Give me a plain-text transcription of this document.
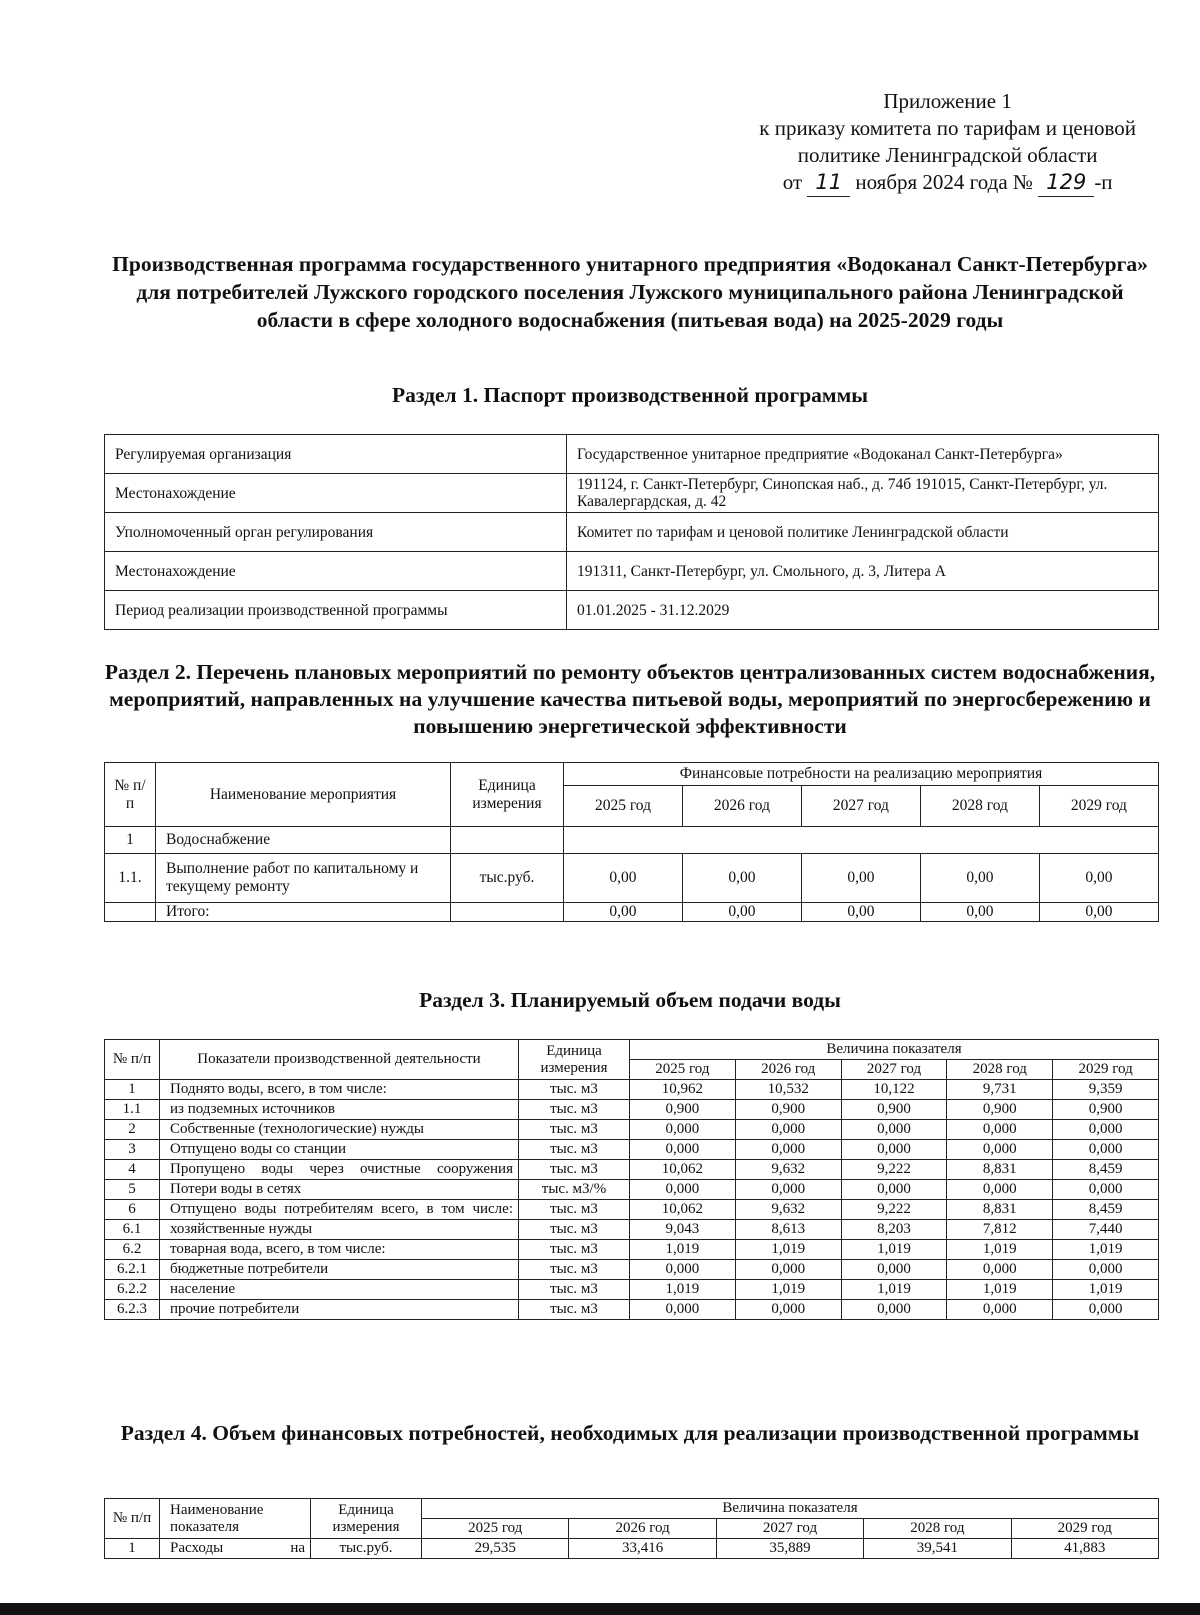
Приложение 1
к приказу комитета по тарифам и ценовой
политике Ленинградской области
от 11 ноября 2024 года № 129 -п
Производственная программа государственного унитарного предприятия «Водоканал Санкт-Петербурга» для потребителей Лужского городского поселения Лужского муниципального района Ленинградской области в сфере холодного водоснабжения (питьевая вода) на 2025-2029 годы
Раздел 1. Паспорт производственной программы
Регулируемая организация	Государственное унитарное предприятие «Водоканал Санкт-Петербурга»
Местонахождение	191124, г. Санкт-Петербург, Синопская наб., д. 74б 191015, Санкт-Петербург, ул. Кавалергардская, д. 42
Уполномоченный орган регулирования	Комитет по тарифам и ценовой политике Ленинградской области
Местонахождение	191311, Санкт-Петербург, ул. Смольного, д. 3, Литера А
Период реализации производственной программы	01.01.2025 - 31.12.2029
Раздел 2. Перечень плановых мероприятий по ремонту объектов централизованных систем водоснабжения, мероприятий, направленных на улучшение качества питьевой воды, мероприятий по энергосбережению и повышению энергетической эффективности
№ п/п	Наименование мероприятия	Единица измерения	Финансовые потребности на реализацию мероприятия				
			2025 год	2026 год	2027 год	2028 год	2029 год
1	Водоснабжение						
1.1.	Выполнение работ по капитальному и текущему ремонту	тыс.руб.	0,00	0,00	0,00	0,00	0,00
	Итого:		0,00	0,00	0,00	0,00	0,00
Раздел 3. Планируемый объем подачи воды
№ п/п	Показатели производственной деятельности	Единица измерения	Величина показателя				
			2025 год	2026 год	2027 год	2028 год	2029 год
1	Поднято воды, всего, в том числе:	тыс. м3	10,962	10,532	10,122	9,731	9,359
1.1	из подземных источников	тыс. м3	0,900	0,900	0,900	0,900	0,900
2	Собственные (технологические) нужды	тыс. м3	0,000	0,000	0,000	0,000	0,000
3	Отпущено воды со станции	тыс. м3	0,000	0,000	0,000	0,000	0,000
4	Пропущено воды через очистные сооружения	тыс. м3	10,062	9,632	9,222	8,831	8,459
5	Потери воды в сетях	тыс. м3/%	0,000	0,000	0,000	0,000	0,000
6	Отпущено воды потребителям всего, в том числе:	тыс. м3	10,062	9,632	9,222	8,831	8,459
6.1	хозяйственные нужды	тыс. м3	9,043	8,613	8,203	7,812	7,440
6.2	товарная вода, всего, в том числе:	тыс. м3	1,019	1,019	1,019	1,019	1,019
6.2.1	бюджетные потребители	тыс. м3	0,000	0,000	0,000	0,000	0,000
6.2.2	население	тыс. м3	1,019	1,019	1,019	1,019	1,019
6.2.3	прочие потребители	тыс. м3	0,000	0,000	0,000	0,000	0,000
Раздел 4. Объем финансовых потребностей, необходимых для реализации производственной программы
№ п/п	Наименование показателя	Единица измерения	Величина показателя				
			2025 год	2026 год	2027 год	2028 год	2029 год
1	Расходы на	тыс.руб.	29,535	33,416	35,889	39,541	41,883
